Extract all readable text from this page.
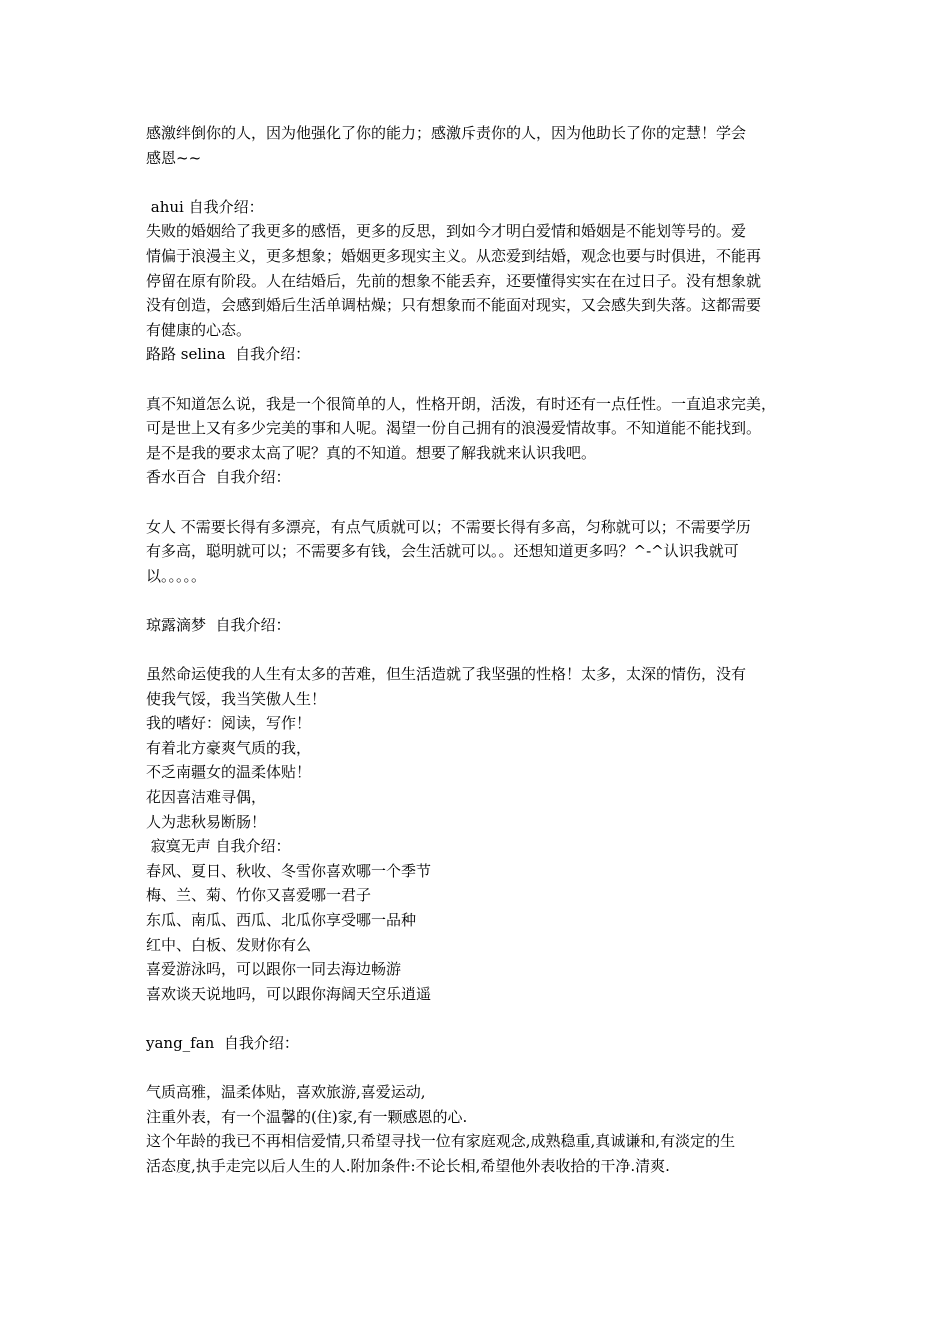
感激绊倒你的人，因为他强化了你的能力；感激斥责你的人，因为他助长了你的定慧！学会
感恩~~
ahui 自我介绍：
失败的婚姻给了我更多的感悟，更多的反思，到如今才明白爱情和婚姻是不能划等号的。爱
情偏于浪漫主义，更多想象；婚姻更多现实主义。从恋爱到结婚，观念也要与时俱进，不能再
停留在原有阶段。人在结婚后，先前的想象不能丢弃，还要懂得实实在在过日子。没有想象就
没有创造，会感到婚后生活单调枯燥；只有想象而不能面对现实，又会感失到失落。这都需要
有健康的心态。
路路 selina  自我介绍：
真不知道怎么说，我是一个很简单的人，性格开朗，活泼，有时还有一点任性。一直追求完美，
可是世上又有多少完美的事和人呢。渴望一份自己拥有的浪漫爱情故事。不知道能不能找到。
是不是我的要求太高了呢？真的不知道。想要了解我就来认识我吧。
香水百合  自我介绍：
女人 不需要长得有多漂亮，有点气质就可以；不需要长得有多高，匀称就可以；不需要学历
有多高，聪明就可以；不需要多有钱，会生活就可以。。还想知道更多吗？^-^认识我就可
以。。。。。
琼露滴梦  自我介绍：
虽然命运使我的人生有太多的苦难，但生活造就了我坚强的性格！太多，太深的情伤，没有
使我气馁，我当笑傲人生！
我的嗜好：阅读，写作！
有着北方豪爽气质的我，
不乏南疆女的温柔体贴！
花因喜洁难寻偶，
人为悲秋易断肠！
寂寞无声 自我介绍：
春风、夏日、秋收、冬雪你喜欢哪一个季节
梅、兰、菊、竹你又喜爱哪一君子
东瓜、南瓜、西瓜、北瓜你享受哪一品种
红中、白板、发财你有么
喜爱游泳吗，可以跟你一同去海边畅游
喜欢谈天说地吗，可以跟你海阔天空乐逍遥
yang_fan  自我介绍：
气质高雅，温柔体贴，喜欢旅游,喜爱运动,
注重外表，有一个温馨的(住)家,有一颗感恩的心.
这个年龄的我已不再相信爱情,只希望寻找一位有家庭观念,成熟稳重,真诚谦和,有淡定的生
活态度,执手走完以后人生的人.附加条件:不论长相,希望他外表收拾的干净.清爽.
